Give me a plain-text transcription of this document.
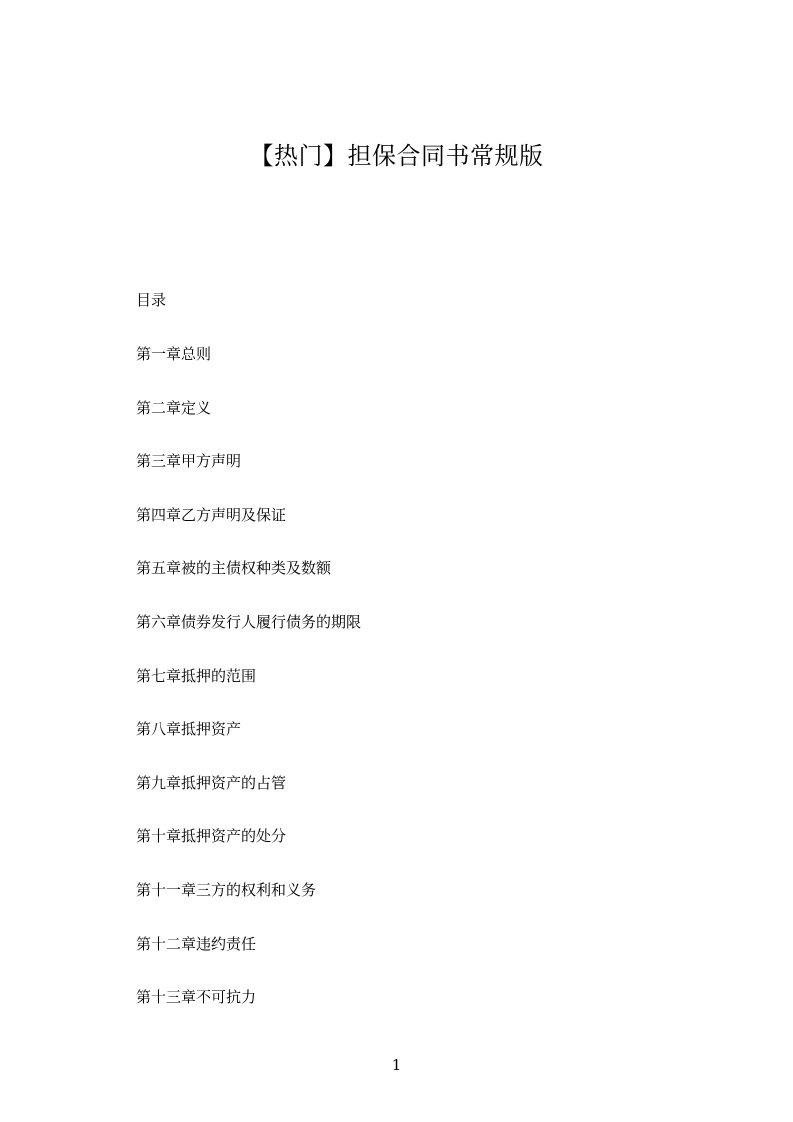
【热门】担保合同书常规版
目录
第一章总则
第二章定义
第三章甲方声明
第四章乙方声明及保证
第五章被的主债权种类及数额
第六章债券发行人履行债务的期限
第七章抵押的范围
第八章抵押资产
第九章抵押资产的占管
第十章抵押资产的处分
第十一章三方的权利和义务
第十二章违约责任
第十三章不可抗力
1
